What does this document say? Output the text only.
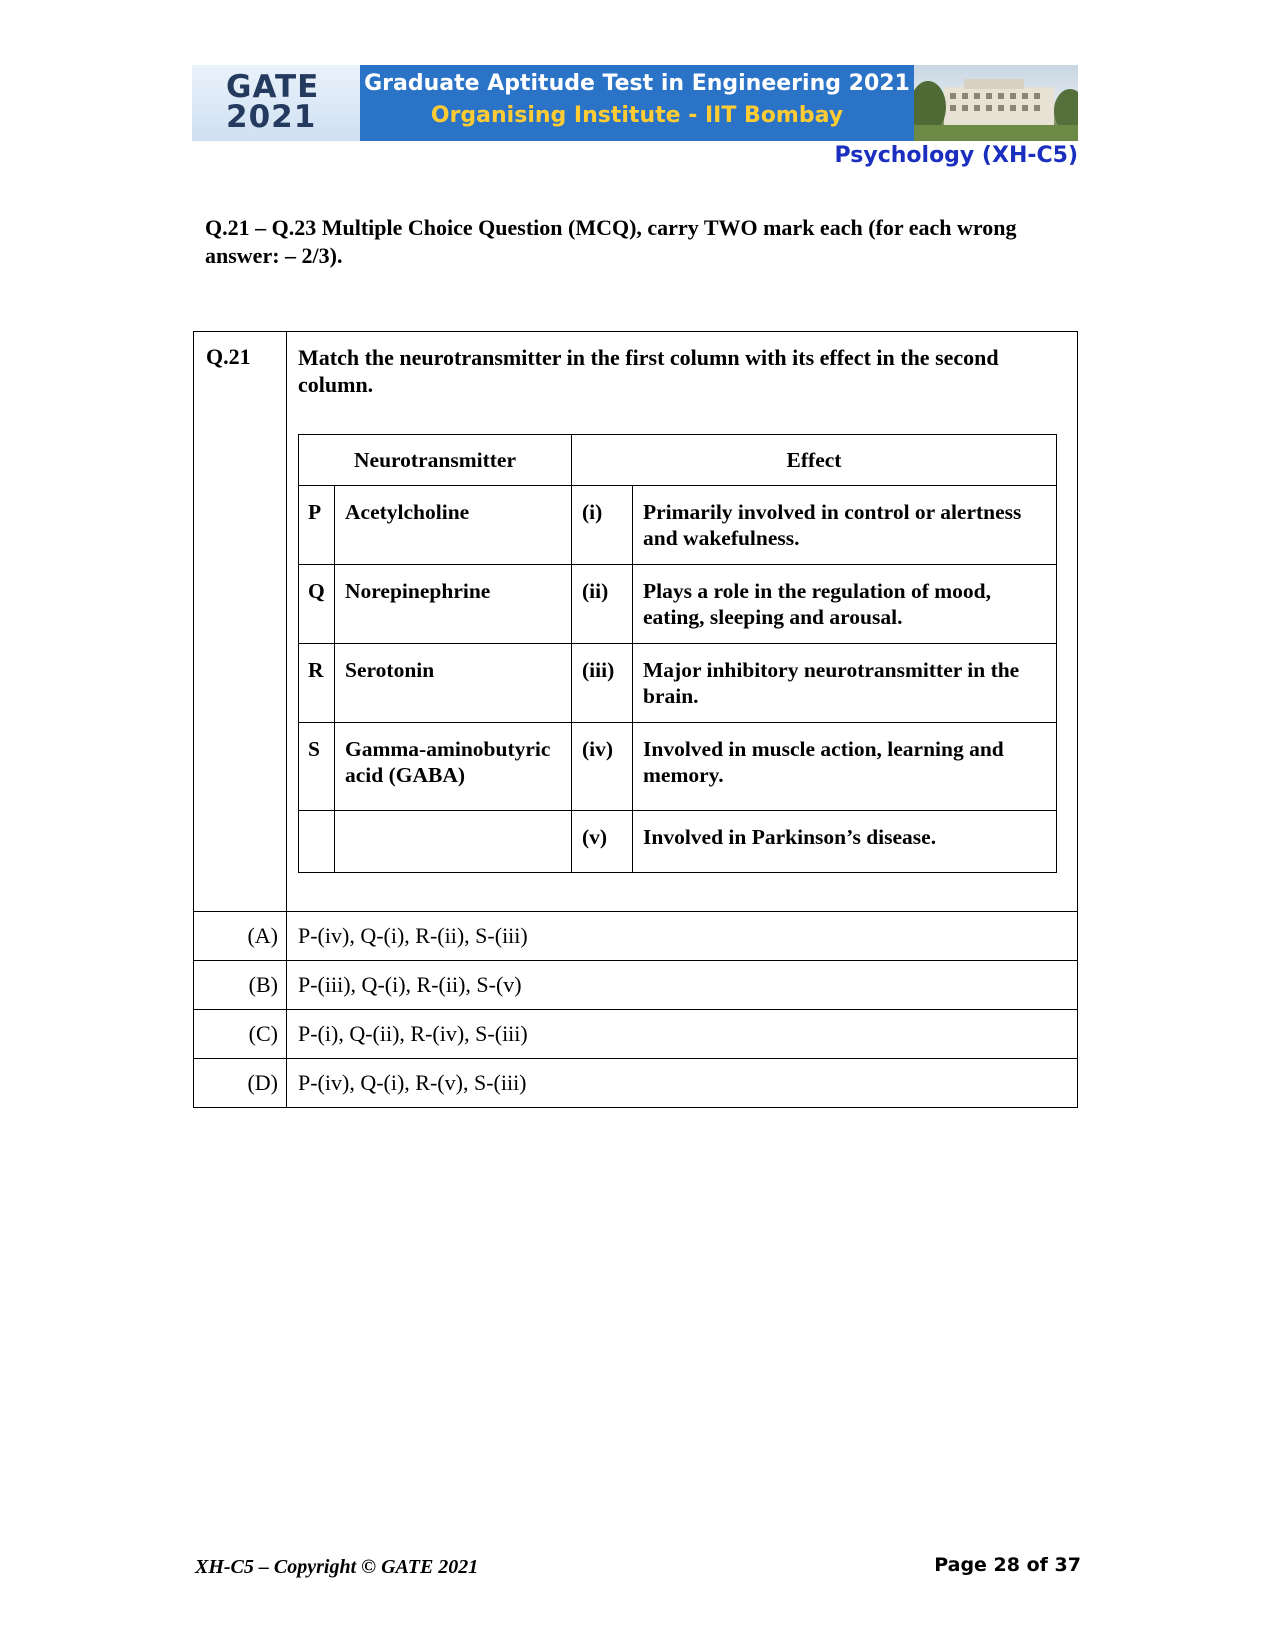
GATE
2021
Graduate Aptitude Test in Engineering 2021
Organising Institute - IIT Bombay
Psychology (XH-C5)
Q.21 – Q.23 Multiple Choice Question (MCQ), carry TWO mark each (for each wrong answer: – 2/3).
Q.21	Match the neurotransmitter in the first column with its effect in the second column.
Neurotransmitter	Effect
P	Acetylcholine	(i)	Primarily involved in control or alertness and wakefulness.
Q	Norepinephrine	(ii)	Plays a role in the regulation of mood, eating, sleeping and arousal.
R	Serotonin	(iii)	Major inhibitory neurotransmitter in the brain.
S	Gamma-aminobutyric acid (GABA)	(iv)	Involved in muscle action, learning and memory.
		(v)	Involved in Parkinson’s disease.

(A)	P-(iv), Q-(i), R-(ii), S-(iii)
(B)	P-(iii), Q-(i), R-(ii), S-(v)
(C)	P-(i), Q-(ii), R-(iv), S-(iii)
(D)	P-(iv), Q-(i), R-(v), S-(iii)
XH-C5 – Copyright © GATE 2021	Page 28 of 37
